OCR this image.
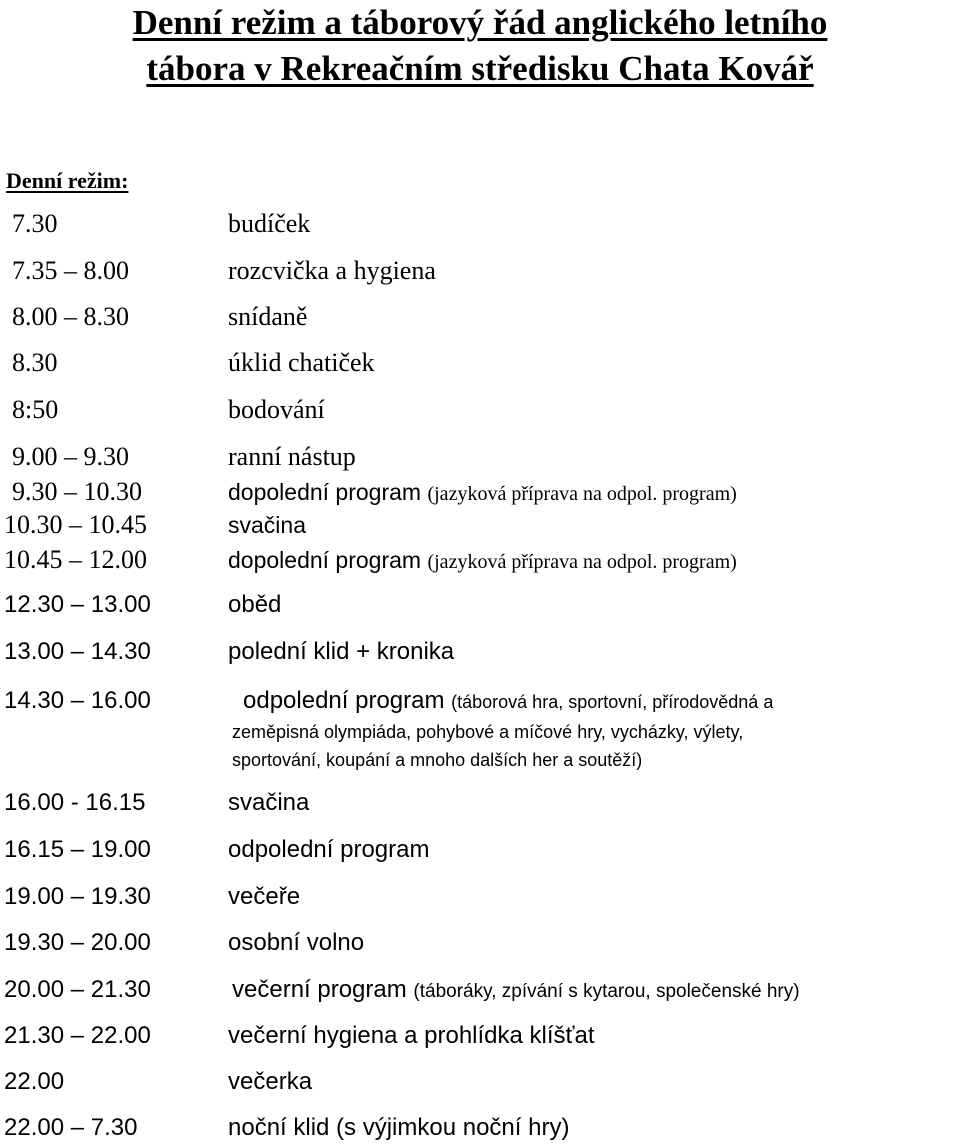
Denní režim a táborový řád anglického letního
tábora v Rekreačním středisku Chata Kovář
Denní režim:
7.30	budíček
7.35 – 8.00	rozcvička a hygiena
8.00 – 8.30	snídaně
8.30	úklid chatiček
8:50	bodování
9.00 – 9.30	ranní nástup
9.30 – 10.30	dopolední program (jazyková příprava na odpol. program)
10.30 – 10.45	svačina
10.45 – 12.00	dopolední program (jazyková příprava na odpol. program)
12.30 – 13.00	oběd
13.00 – 14.30	polední klid + kronika
14.30 – 16.00	odpolední program (táborová hra, sportovní, přírodovědná a
zeměpisná olympiáda, pohybové a míčové hry, vycházky, výlety,
sportování, koupání a mnoho dalších her a soutěží)
16.00 - 16.15	svačina
16.15 – 19.00	odpolední program
19.00 – 19.30	večeře
19.30 – 20.00	osobní volno
20.00 – 21.30	večerní program (táboráky, zpívání s kytarou, společenské hry)
21.30 – 22.00	večerní hygiena a prohlídka klíšťat
22.00	večerka
22.00 – 7.30	noční klid (s výjimkou noční hry)
